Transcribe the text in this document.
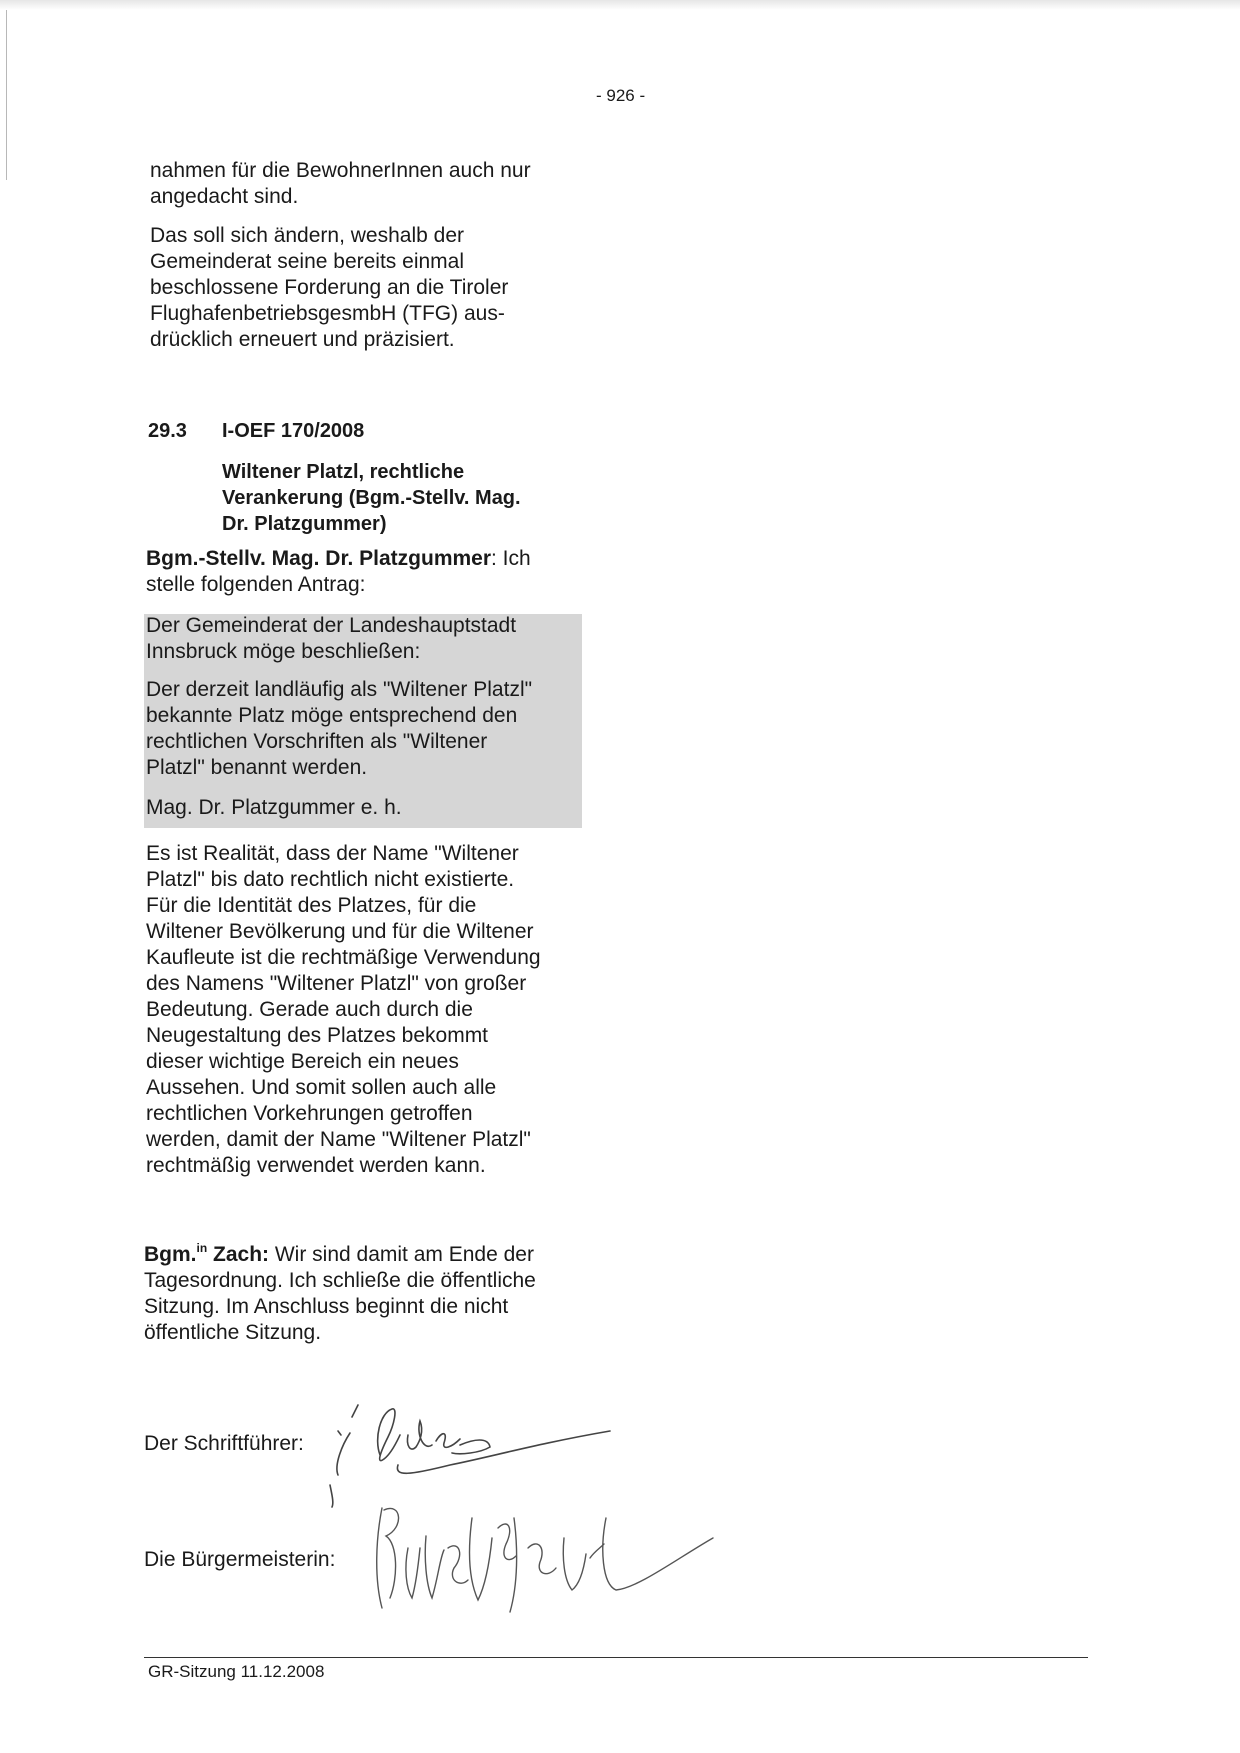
- 926 -

nahmen für die BewohnerInnen auch nur
angedacht sind.

Das soll sich ändern, weshalb der
Gemeinderat seine bereits einmal
beschlossene Forderung an die Tiroler
FlughafenbetriebsgesmbH (TFG) aus-
drücklich erneuert und präzisiert.

29.3 I-OEF 170/2008
Wiltener Platzl, rechtliche
Verankerung (Bgm.-Stellv. Mag.
Dr. Platzgummer)
Bgm.-Stellv. Mag. Dr. Platzgummer: Ich
stelle folgenden Antrag:

Der Gemeinderat der Landeshauptstadt
Innsbruck möge beschließen:

Der derzeit landläufig als "Wiltener Platzl"
bekannte Platz möge entsprechend den
rechtlichen Vorschriften als "Wiltener
Platzl" benannt werden.

Mag. Dr. Platzgummer e. h.

Es ist Realität, dass der Name "Wiltener
Platzl" bis dato rechtlich nicht existierte.
Für die Identität des Platzes, für die
Wiltener Bevölkerung und für die Wiltener
Kaufleute ist die rechtmäßige Verwendung
des Namens "Wiltener Platzl" von großer
Bedeutung. Gerade auch durch die
Neugestaltung des Platzes bekommt
dieser wichtige Bereich ein neues
Aussehen. Und somit sollen auch alle
rechtlichen Vorkehrungen getroffen
werden, damit der Name "Wiltener Platzl"
rechtmäßig verwendet werden kann.

Bgm.$^{in}$ Zach: Wir sind damit am Ende der
Tagesordnung. Ich schließe die öffentliche
Sitzung. Im Anschluss beginnt die nicht
öffentliche Sitzung.
Der Schriftführer:
Die Bürgermeisterin:
GR-Sitzung 11.12.2008
